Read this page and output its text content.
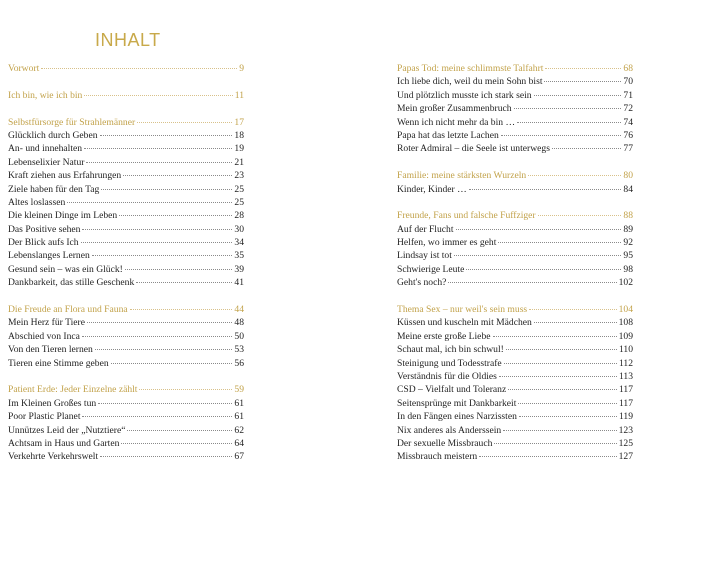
INHALT
Vorwort	9
Ich bin, wie ich bin	11
Selbstfürsorge für Strahlemänner	17
Glücklich durch Geben	18
An- und innehalten	19
Lebenselixier Natur	21
Kraft ziehen aus Erfahrungen	23
Ziele haben für den Tag	25
Altes loslassen	25
Die kleinen Dinge im Leben	28
Das Positive sehen	30
Der Blick aufs Ich	34
Lebenslanges Lernen	35
Gesund sein – was ein Glück!	39
Dankbarkeit, das stille Geschenk	41
Die Freude an Flora und Fauna	44
Mein Herz für Tiere	48
Abschied von Inca	50
Von den Tieren lernen	53
Tieren eine Stimme geben	56
Patient Erde: Jeder Einzelne zählt	59
Im Kleinen Großes tun	61
Poor Plastic Planet	61
Unnützes Leid der „Nutztiere“	62
Achtsam in Haus und Garten	64
Verkehrte Verkehrswelt	67
Papas Tod: meine schlimmste Talfahrt	68
Ich liebe dich, weil du mein Sohn bist	70
Und plötzlich musste ich stark sein	71
Mein großer Zusammenbruch	72
Wenn ich nicht mehr da bin …	74
Papa hat das letzte Lachen	76
Roter Admiral – die Seele ist unterwegs	77
Familie: meine stärksten Wurzeln	80
Kinder, Kinder …	84
Freunde, Fans und falsche Fuffziger	88
Auf der Flucht	89
Helfen, wo immer es geht	92
Lindsay ist tot	95
Schwierige Leute	98
Geht's noch?	102
Thema Sex – nur weil's sein muss	104
Küssen und kuscheln mit Mädchen	108
Meine erste große Liebe	109
Schaut mal, ich bin schwul!	110
Steinigung und Todesstrafe	112
Verständnis für die Oldies	113
CSD – Vielfalt und Toleranz	117
Seitensprünge mit Dankbarkeit	117
In den Fängen eines Narzissten	119
Nix anderes als Anderssein	123
Der sexuelle Missbrauch	125
Missbrauch meistern	127
